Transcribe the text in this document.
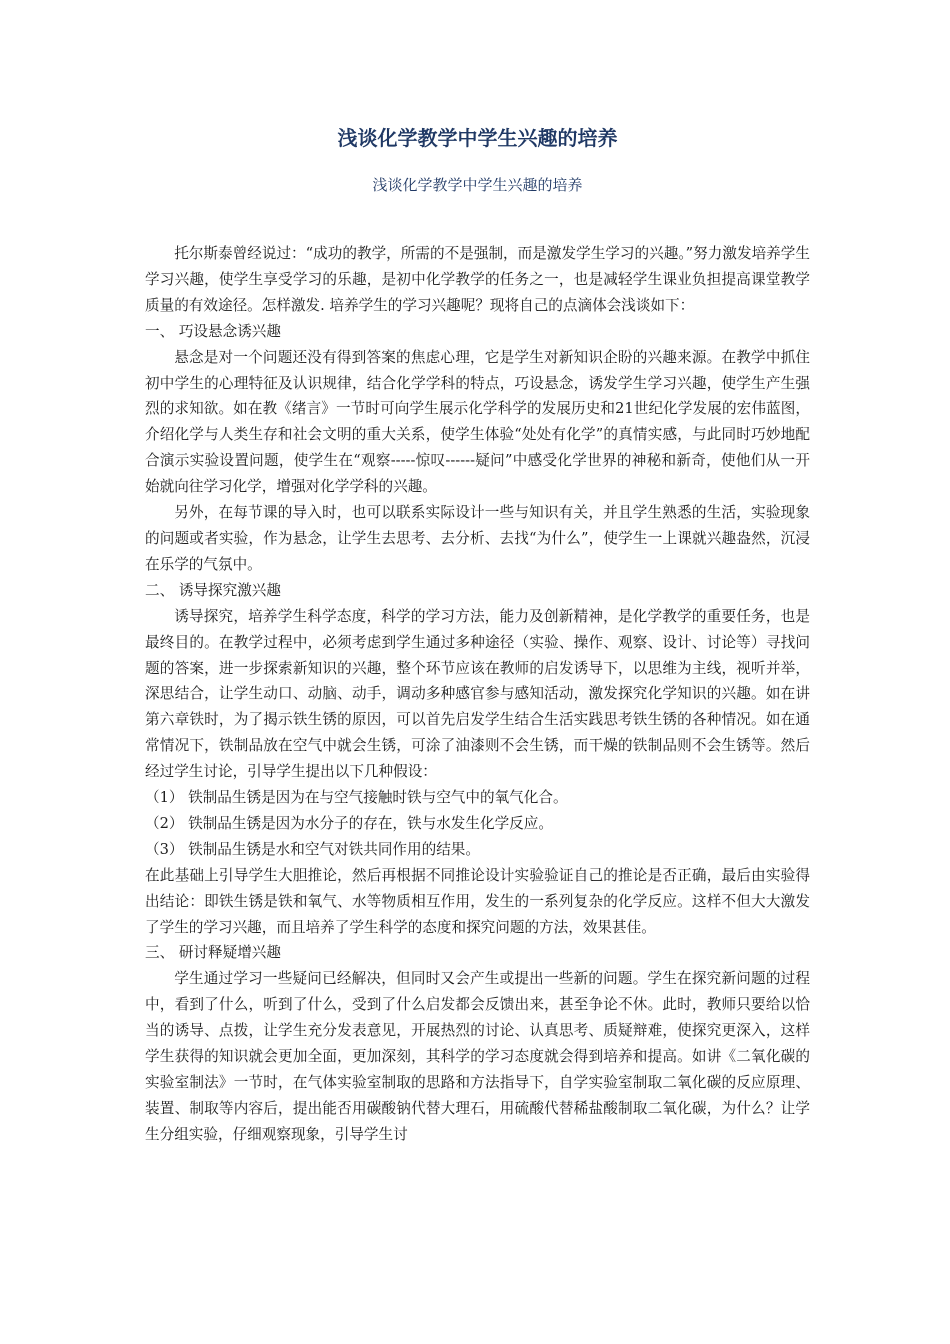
浅谈化学教学中学生兴趣的培养

浅谈化学教学中学生兴趣的培养

托尔斯泰曾经说过：“成功的教学，所需的不是强制，而是激发学生学习的兴趣。”努力激发培养学生学习兴趣，使学生享受学习的乐趣，是初中化学教学的任务之一，也是减轻学生课业负担提高课堂教学质量的有效途径。怎样激发. 培养学生的学习兴趣呢？现将自己的点滴体会浅谈如下：

一、 巧设悬念诱兴趣

悬念是对一个问题还没有得到答案的焦虑心理，它是学生对新知识企盼的兴趣来源。在教学中抓住初中学生的心理特征及认识规律，结合化学学科的特点，巧设悬念，诱发学生学习兴趣，使学生产生强烈的求知欲。如在教《绪言》一节时可向学生展示化学科学的发展历史和21世纪化学发展的宏伟蓝图，介绍化学与人类生存和社会文明的重大关系，使学生体验“处处有化学”的真情实感，与此同时巧妙地配合演示实验设置问题，使学生在“观察-----惊叹------疑问”中感受化学世界的神秘和新奇，使他们从一开始就向往学习化学，增强对化学学科的兴趣。

另外，在每节课的导入时，也可以联系实际设计一些与知识有关，并且学生熟悉的生活，实验现象的问题或者实验，作为悬念，让学生去思考、去分析、去找“为什么”，使学生一上课就兴趣盎然，沉浸在乐学的气氛中。

二、 诱导探究激兴趣

诱导探究，培养学生科学态度，科学的学习方法，能力及创新精神，是化学教学的重要任务，也是最终目的。在教学过程中，必须考虑到学生通过多种途径（实验、操作、观察、设计、讨论等）寻找问题的答案，进一步探索新知识的兴趣，整个环节应该在教师的启发诱导下，以思维为主线，视听并举，深思结合，让学生动口、动脑、动手，调动多种感官参与感知活动，激发探究化学知识的兴趣。如在讲第六章铁时，为了揭示铁生锈的原因，可以首先启发学生结合生活实践思考铁生锈的各种情况。如在通常情况下，铁制品放在空气中就会生锈，可涂了油漆则不会生锈，而干燥的铁制品则不会生锈等。然后经过学生讨论，引导学生提出以下几种假设：

（1） 铁制品生锈是因为在与空气接触时铁与空气中的氧气化合。

（2） 铁制品生锈是因为水分子的存在，铁与水发生化学反应。

（3） 铁制品生锈是水和空气对铁共同作用的结果。

在此基础上引导学生大胆推论，然后再根据不同推论设计实验验证自己的推论是否正确，最后由实验得出结论：即铁生锈是铁和氧气、水等物质相互作用，发生的一系列复杂的化学反应。这样不但大大激发了学生的学习兴趣，而且培养了学生科学的态度和探究问题的方法，效果甚佳。

三、 研讨释疑增兴趣

学生通过学习一些疑问已经解决，但同时又会产生或提出一些新的问题。学生在探究新问题的过程中，看到了什么，听到了什么，受到了什么启发都会反馈出来，甚至争论不休。此时，教师只要给以恰当的诱导、点拨，让学生充分发表意见，开展热烈的讨论、认真思考、质疑辩难，使探究更深入，这样学生获得的知识就会更加全面，更加深刻，其科学的学习态度就会得到培养和提高。如讲《二氧化碳的实验室制法》一节时，在气体实验室制取的思路和方法指导下，自学实验室制取二氧化碳的反应原理、装置、制取等内容后，提出能否用碳酸钠代替大理石，用硫酸代替稀盐酸制取二氧化碳，为什么？让学生分组实验，仔细观察现象，引导学生讨
